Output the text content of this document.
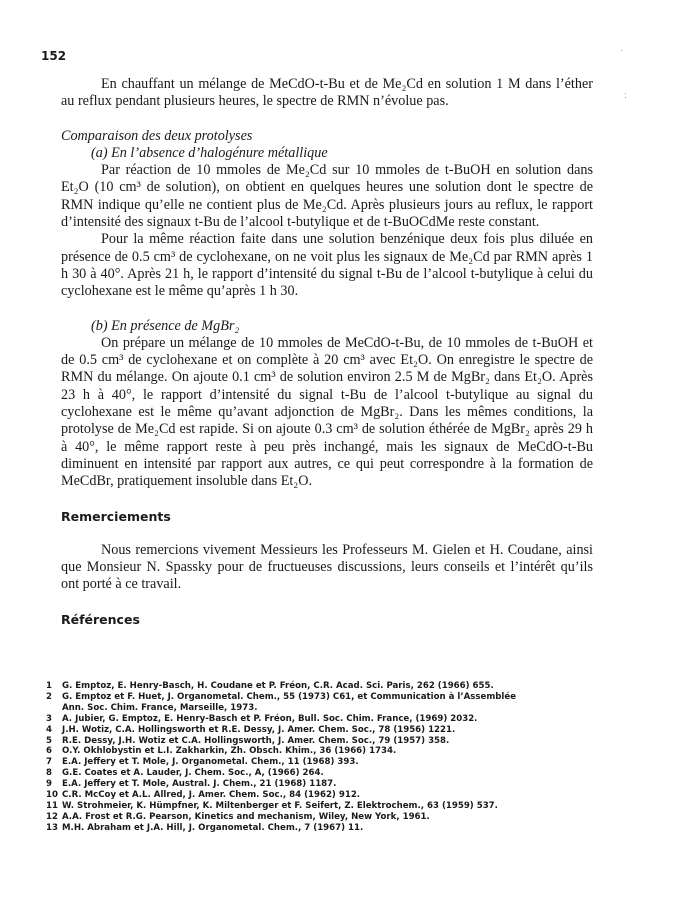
152	·
:

En chauffant un mélange de MeCdO-t-Bu et de Me₂Cd en solution 1 M dans l’éther au reflux pendant plusieurs heures, le spectre de RMN n’évolue pas.

Comparaison des deux protolyses

(a) En l’absence d’halogénure métallique

Par réaction de 10 mmoles de Me₂Cd sur 10 mmoles de t-BuOH en solution dans Et₂O (10 cm³ de solution), on obtient en quelques heures une solution dont le spectre de RMN indique qu’elle ne contient plus de Me₂Cd. Après plusieurs jours au reflux, le rapport d’intensité des signaux t-Bu de l’alcool t-butylique et de t-BuOCdMe reste constant.

Pour la même réaction faite dans une solution benzénique deux fois plus diluée en présence de 0.5 cm³ de cyclohexane, on ne voit plus les signaux de Me₂Cd par RMN après 1 h 30 à 40°. Après 21 h, le rapport d’intensité du signal t-Bu de l’alcool t-butylique à celui du cyclohexane est le même qu’après 1 h 30.

(b) En présence de MgBr₂

On prépare un mélange de 10 mmoles de MeCdO-t-Bu, de 10 mmoles de t-BuOH et de 0.5 cm³ de cyclohexane et on complète à 20 cm³ avec Et₂O. On enregistre le spectre de RMN du mélange. On ajoute 0.1 cm³ de solution environ 2.5 M de MgBr₂ dans Et₂O. Après 23 h à 40°, le rapport d’intensité du signal t-Bu de l’alcool t-butylique au signal du cyclohexane est le même qu’avant adjonction de MgBr₂. Dans les mêmes conditions, la protolyse de Me₂Cd est rapide. Si on ajoute 0.3 cm³ de solution éthérée de MgBr₂ après 29 h à 40°, le même rapport reste à peu près inchangé, mais les signaux de MeCdO-t-Bu diminuent en intensité par rapport aux autres, ce qui peut correspondre à la formation de MeCdBr, pratiquement insoluble dans Et₂O.

Remerciements

Nous remercions vivement Messieurs les Professeurs M. Gielen et H. Coudane, ainsi que Monsieur N. Spassky pour de fructueuses discussions, leurs conseils et l’intérêt qu’ils ont porté à ce travail.

Références

1	G. Emptoz, E. Henry-Basch, H. Coudane et P. Fréon, C.R. Acad. Sci. Paris, 262 (1966) 655.
2	G. Emptoz et F. Huet, J. Organometal. Chem., 55 (1973) C61, et Communication à l’Assemblée
Ann. Soc. Chim. France, Marseille, 1973.
3	A. Jubier, G. Emptoz, E. Henry-Basch et P. Fréon, Bull. Soc. Chim. France, (1969) 2032.
4	J.H. Wotiz, C.A. Hollingsworth et R.E. Dessy, J. Amer. Chem. Soc., 78 (1956) 1221.
5	R.E. Dessy, J.H. Wotiz et C.A. Hollingsworth, J. Amer. Chem. Soc., 79 (1957) 358.
6	O.Y. Okhlobystin et L.I. Zakharkin, Zh. Obsch. Khim., 36 (1966) 1734.
7	E.A. Jeffery et T. Mole, J. Organometal. Chem., 11 (1968) 393.
8	G.E. Coates et A. Lauder, J. Chem. Soc., A, (1966) 264.
9	E.A. Jeffery et T. Mole, Austral. J. Chem., 21 (1968) 1187.
10 C.R. McCoy et A.L. Allred, J. Amer. Chem. Soc., 84 (1962) 912.
11 W. Strohmeier, K. Hümpfner, K. Miltenberger et F. Seifert, Z. Elektrochem., 63 (1959) 537.
12 A.A. Frost et R.G. Pearson, Kinetics and mechanism, Wiley, New York, 1961.
13 M.H. Abraham et J.A. Hill, J. Organometal. Chem., 7 (1967) 11.
